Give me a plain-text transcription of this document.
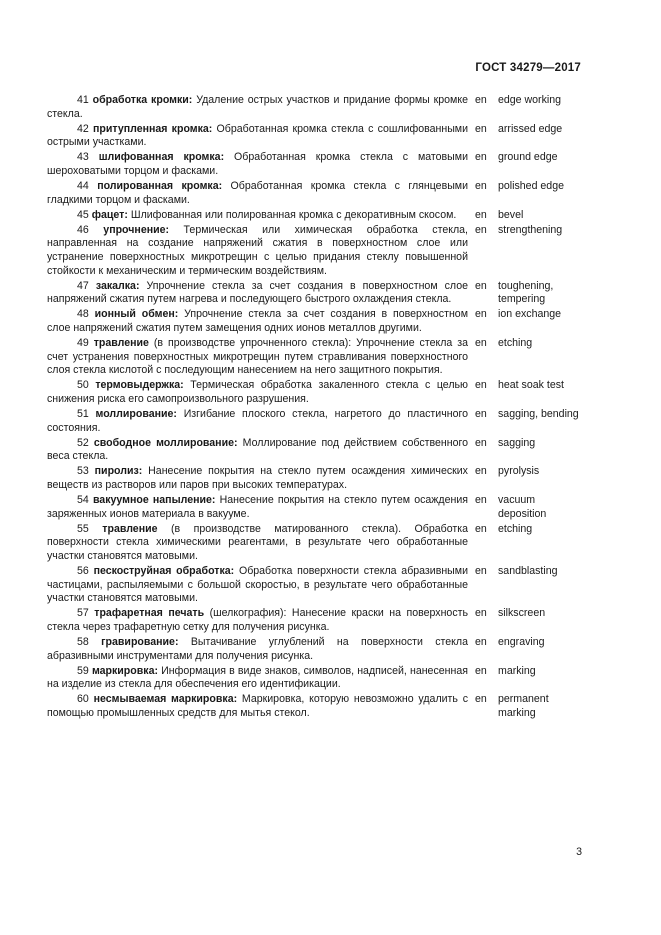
ГОСТ 34279—2017
41 обработка кромки: Удаление острых участков и придание формы кромке стекла.
en edge working
42 притупленная кромка: Обработанная кромка стекла с сошлифованными острыми участками.
en arrissed edge
43 шлифованная кромка: Обработанная кромка стекла с матовыми шероховатыми торцом и фасками.
en ground edge
44 полированная кромка: Обработанная кромка стекла с глянцевыми гладкими торцом и фасками.
en polished edge
45 фацет: Шлифованная или полированная кромка с декоративным скосом.	en bevel
46 упрочнение: Термическая или химическая обработка стекла, направленная на создание напряжений сжатия в поверхностном слое или устранение поверхностных микротрещин с целью придания стеклу повышенной стойкости к механическим и термическим воздействиям.
en strengthening
47 закалка: Упрочнение стекла за счет создания в поверхностном слое напряжений сжатия путем нагрева и последующего быстрого охлаждения стекла.
en toughening, tempering
48 ионный обмен: Упрочнение стекла за счет создания в поверхностном слое напряжений сжатия путем замещения одних ионов металлов другими.
en ion exchange
49 травление (в производстве упрочненного стекла): Упрочнение стекла за счет устранения поверхностных микротрещин путем стравливания поверхностного слоя стекла кислотой с последующим нанесением на него защитного покрытия.
en etching
50 термовыдержка: Термическая обработка закаленного стекла с целью снижения риска его самопроизвольного разрушения.
en heat soak test
51 моллирование: Изгибание плоского стекла, нагретого до пластичного состояния.
en sagging, bending
52 свободное моллирование: Моллирование под действием собственного веса стекла.
en sagging
53 пиролиз: Нанесение покрытия на стекло путем осаждения химических веществ из растворов или паров при высоких температурах.
en pyrolysis
54 вакуумное напыление: Нанесение покрытия на стекло путем осаждения заряженных ионов материала в вакууме.
en vacuum deposition
55 травление (в производстве матированного стекла). Обработка поверхности стекла химическими реагентами, в результате чего обработанные участки становятся матовыми.
en etching
56 пескоструйная обработка: Обработка поверхности стекла абразивными частицами, распыляемыми с большой скоростью, в результате чего обработанные участки становятся матовыми.
en sandblasting
57 трафаретная печать (шелкография): Нанесение краски на поверхность стекла через трафаретную сетку для получения рисунка.
en silkscreen
58 гравирование: Вытачивание углублений на поверхности стекла абразивными инструментами для получения рисунка.
en engraving
59 маркировка: Информация в виде знаков, символов, надписей, нанесенная на изделие из стекла для обеспечения его идентификации.
en marking
60 несмываемая маркировка: Маркировка, которую невозможно удалить с помощью промышленных средств для мытья стекол.
en permanent marking
3
